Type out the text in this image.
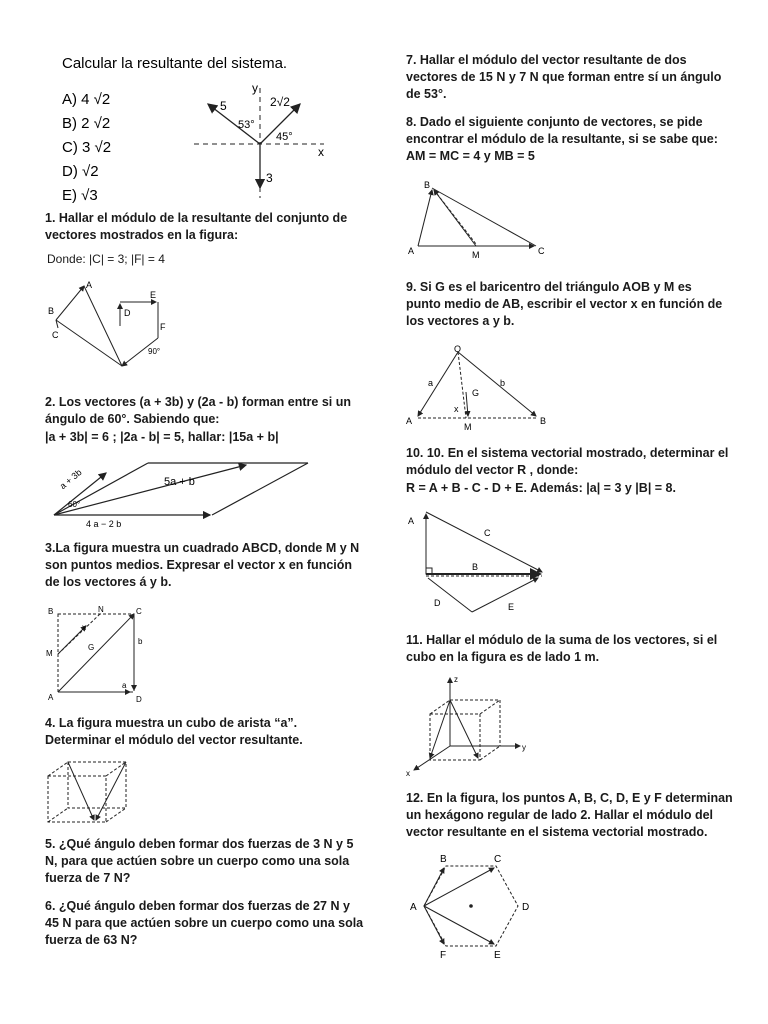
Calcular la resultante del sistema.
A) 4 √2
B) 2 √2
C) 3 √2
D) √2
E) √3
y
x
5	2√2
3
53°
45°
1. Hallar el módulo de la resultante del conjunto de vectores mostrados en la figura:
Donde: |C| = 3; |F| = 4
A
B
C
D
E
F
90°
2. Los vectores (a + 3b) y (2a - b) forman entre si un ángulo de 60°. Sabiendo que:
|a + 3b| = 6 ; |2a - b| = 5, hallar: |15a + b|
a + 3b	5a + b
60°
4 a − 2 b
3.La figura muestra un cuadrado ABCD, donde M y N son puntos medios. Expresar el vector x en función de los vectores á y b.
B	N	C
M
G
x
a
b
A	D
4. La figura muestra un cubo de arista “a”. Determinar el módulo del vector resultante.
5. ¿Qué ángulo deben formar dos fuerzas de 3 N y 5 N, para que actúen sobre un cuerpo como una sola fuerza de 7 N?
6. ¿Qué ángulo deben formar dos fuerzas de 27 N y 45 N para que actúen sobre un cuerpo como una sola fuerza de 63 N?
7. Hallar el módulo del vector resultante de dos vectores de 15 N y 7 N que forman entre sí un ángulo de 53°.
8. Dado el siguiente conjunto de vectores, se pide encontrar el módulo de la resultante, si se sabe que: AM = MC = 4 y MB = 5
B
A	C
M
9. Si G es el baricentro del triángulo AOB y M es punto medio de AB, escribir el vector x en función de los vectores a y b.
O
A	B
M
G
a	b
x
10. 10. En el sistema vectorial mostrado, determinar el módulo del vector R , donde:
R = A + B - C - D + E. Además: |a| = 3 y |B| = 8.
A
C
B
D	E
11. Hallar el módulo de la suma de los vectores, si el cubo en la figura es de lado 1 m.
z
y
x
12. En la figura, los puntos A, B, C, D, E y F determinan un hexágono regular de lado 2. Hallar el módulo del vector resultante en el sistema vectorial mostrado.
B	C
D
E
F
A
